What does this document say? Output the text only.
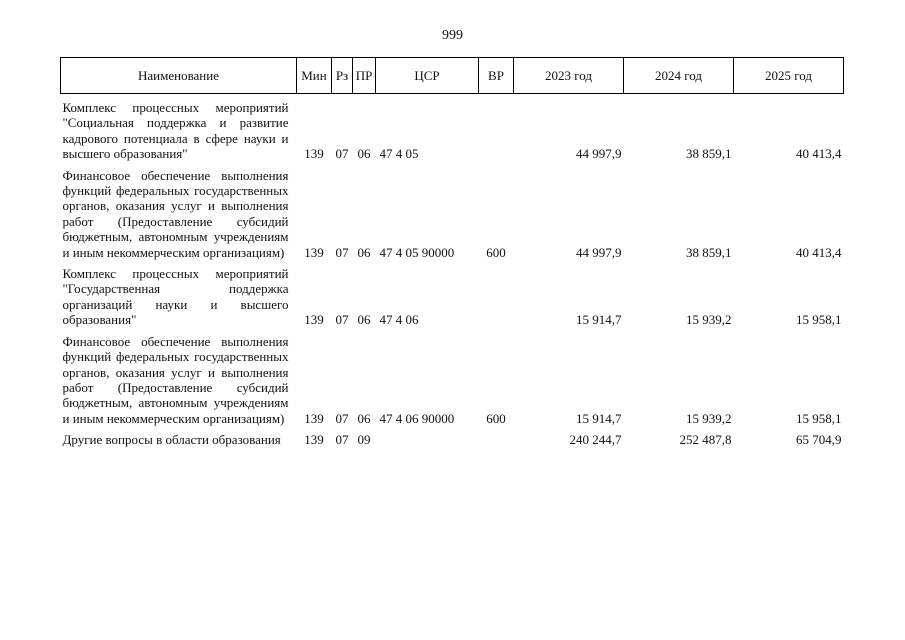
999
Наименование	Мин	Рз	ПР	ЦСР	ВР	2023 год	2024 год	2025 год

Комплекс процессных мероприятий "Социальная поддержка и развитие кадрового потенциала в сфере науки и высшего образования"	139	07	06	47 4 05		44 997,9	38 859,1	40 413,4

Финансовое обеспечение выполнения функций федеральных государственных органов, оказания услуг и выполнения работ (Предоставление субсидий бюджетным, автономным учреждениям и иным некоммерческим организациям)	139	07	06	47 4 05 90000	600	44 997,9	38 859,1	40 413,4

Комплекс процессных мероприятий "Государственная поддержка организаций науки и высшего образования"	139	07	06	47 4 06		15 914,7	15 939,2	15 958,1

Финансовое обеспечение выполнения функций федеральных государственных органов, оказания услуг и выполнения работ (Предоставление субсидий бюджетным, автономным учреждениям и иным некоммерческим организациям)	139	07	06	47 4 06 90000	600	15 914,7	15 939,2	15 958,1

Другие вопросы в области образования	139	07	09			240 244,7	252 487,8	65 704,9
